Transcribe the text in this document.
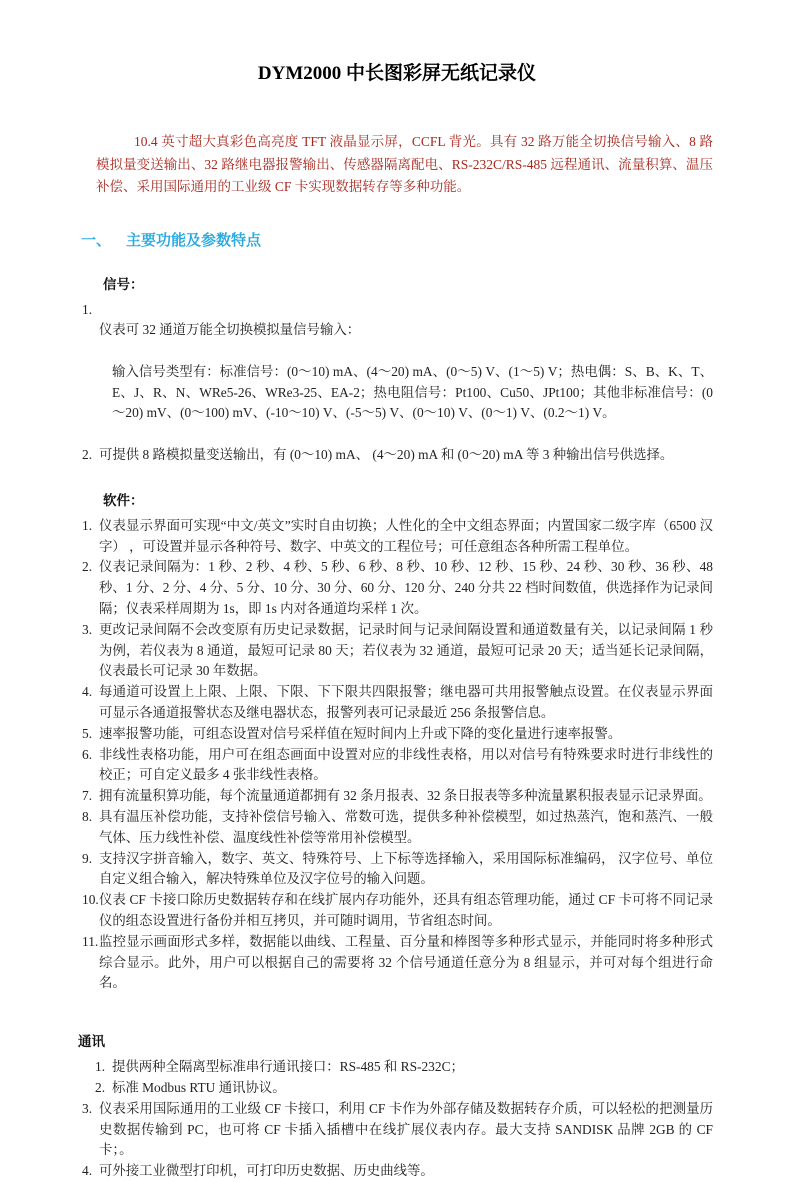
DYM2000 中长图彩屏无纸记录仪

10.4 英寸超大真彩色高亮度 TFT 液晶显示屏，CCFL 背光。具有 32 路万能全切换信号输入、8 路模拟量变送输出、32 路继电器报警输出、传感器隔离配电、RS-232C/RS-485 远程通讯、流量积算、温压补偿、采用国际通用的工业级 CF 卡实现数据转存等多种功能。

一、 主要功能及参数特点
信号：
1.

仪表可 32 通道万能全切换模拟量信号输入：

输入信号类型有：标准信号：(0～10) mA、(4～20) mA、(0～5) V、(1～5) V；热电偶：S、B、K、T、E、J、R、N、WRe5-26、WRe3-25、EA-2；热电阻信号：Pt100、Cu50、JPt100；其他非标准信号：(0～20) mV、(0～100) mV、(-10～10) V、(-5～5) V、(0～10) V、(0～1) V、(0.2～1) V。

2. 可提供 8 路模拟量变送输出，有 (0～10) mA、 (4～20) mA 和 (0～20) mA 等 3 种输出信号供选择。
软件：
1. 仪表显示界面可实现“中文/英文”实时自由切换；人性化的全中文组态界面；内置国家二级字库（6500 汉字） ，可设置并显示各种符号、数字、中英文的工程位号；可任意组态各种所需工程单位。
2. 仪表记录间隔为：1 秒、2 秒、4 秒、5 秒、6 秒、8 秒、10 秒、12 秒、15 秒、24 秒、30 秒、36 秒、48 秒、1 分、2 分、4 分、5 分、10 分、30 分、60 分、120 分、240 分共 22 档时间数值，供选择作为记录间隔；仪表采样周期为 1s，即 1s 内对各通道均采样 1 次。
3. 更改记录间隔不会改变原有历史记录数据，记录时间与记录间隔设置和通道数量有关，以记录间隔 1 秒为例，若仪表为 8 通道，最短可记录 80 天；若仪表为 32 通道，最短可记录 20 天；适当延长记录间隔，仪表最长可记录 30 年数据。
4. 每通道可设置上上限、上限、下限、下下限共四限报警；继电器可共用报警触点设置。在仪表显示界面可显示各通道报警状态及继电器状态，报警列表可记录最近 256 条报警信息。
5. 速率报警功能，可组态设置对信号采样值在短时间内上升或下降的变化量进行速率报警。
6. 非线性表格功能，用户可在组态画面中设置对应的非线性表格，用以对信号有特殊要求时进行非线性的校正；可自定义最多 4 张非线性表格。
7. 拥有流量积算功能，每个流量通道都拥有 32 条月报表、32 条日报表等多种流量累积报表显示记录界面。
8. 具有温压补偿功能，支持补偿信号输入、常数可选，提供多种补偿模型，如过热蒸汽，饱和蒸汽、一般气体、压力线性补偿、温度线性补偿等常用补偿模型。
9. 支持汉字拼音输入，数字、英文、特殊符号、上下标等选择输入，采用国际标准编码， 汉字位号、单位自定义组合输入，解决特殊单位及汉字位号的输入问题。
10. 仪表 CF 卡接口除历史数据转存和在线扩展内存功能外，还具有组态管理功能，通过 CF 卡可将不同记录仪的组态设置进行备份并相互拷贝，并可随时调用，节省组态时间。
11. 监控显示画面形式多样，数据能以曲线、工程量、百分量和棒图等多种形式显示，并能同时将多种形式综合显示。此外，用户可以根据自己的需要将 32 个信号通道任意分为 8 组显示，并可对每个组进行命名。
通讯
1. 提供两种全隔离型标准串行通讯接口：RS-485 和 RS-232C；
2. 标准 Modbus RTU 通讯协议。
3. 仪表采用国际通用的工业级 CF 卡接口，利用 CF 卡作为外部存储及数据转存介质，可以轻松的把测量历史数据传输到 PC，也可将 CF 卡插入插槽中在线扩展仪表内存。最大支持 SANDISK 品牌 2GB 的 CF 卡；。
4. 可外接工业微型打印机，可打印历史数据、历史曲线等。
